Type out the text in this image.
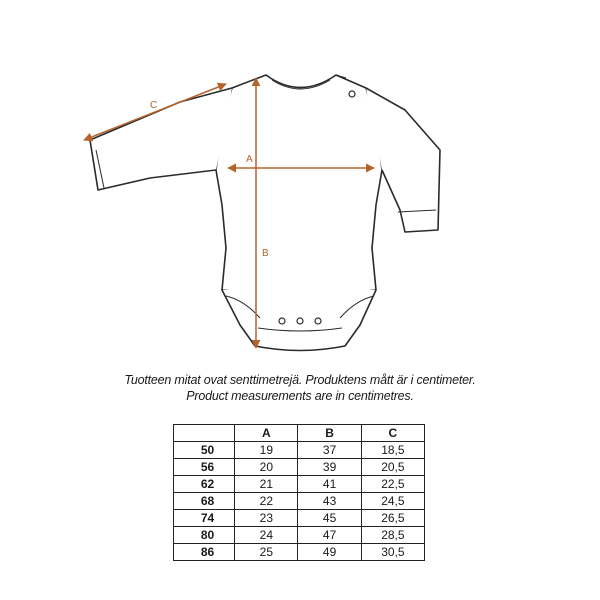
C
A
B
Tuotteen mitat ovat senttimetrejä. Produktens mått är i centimeter.
Product measurements are in centimetres.
	A	B	C
50	19	37	18,5
56	20	39	20,5
62	21	41	22,5
68	22	43	24,5
74	23	45	26,5
80	24	47	28,5
86	25	49	30,5
